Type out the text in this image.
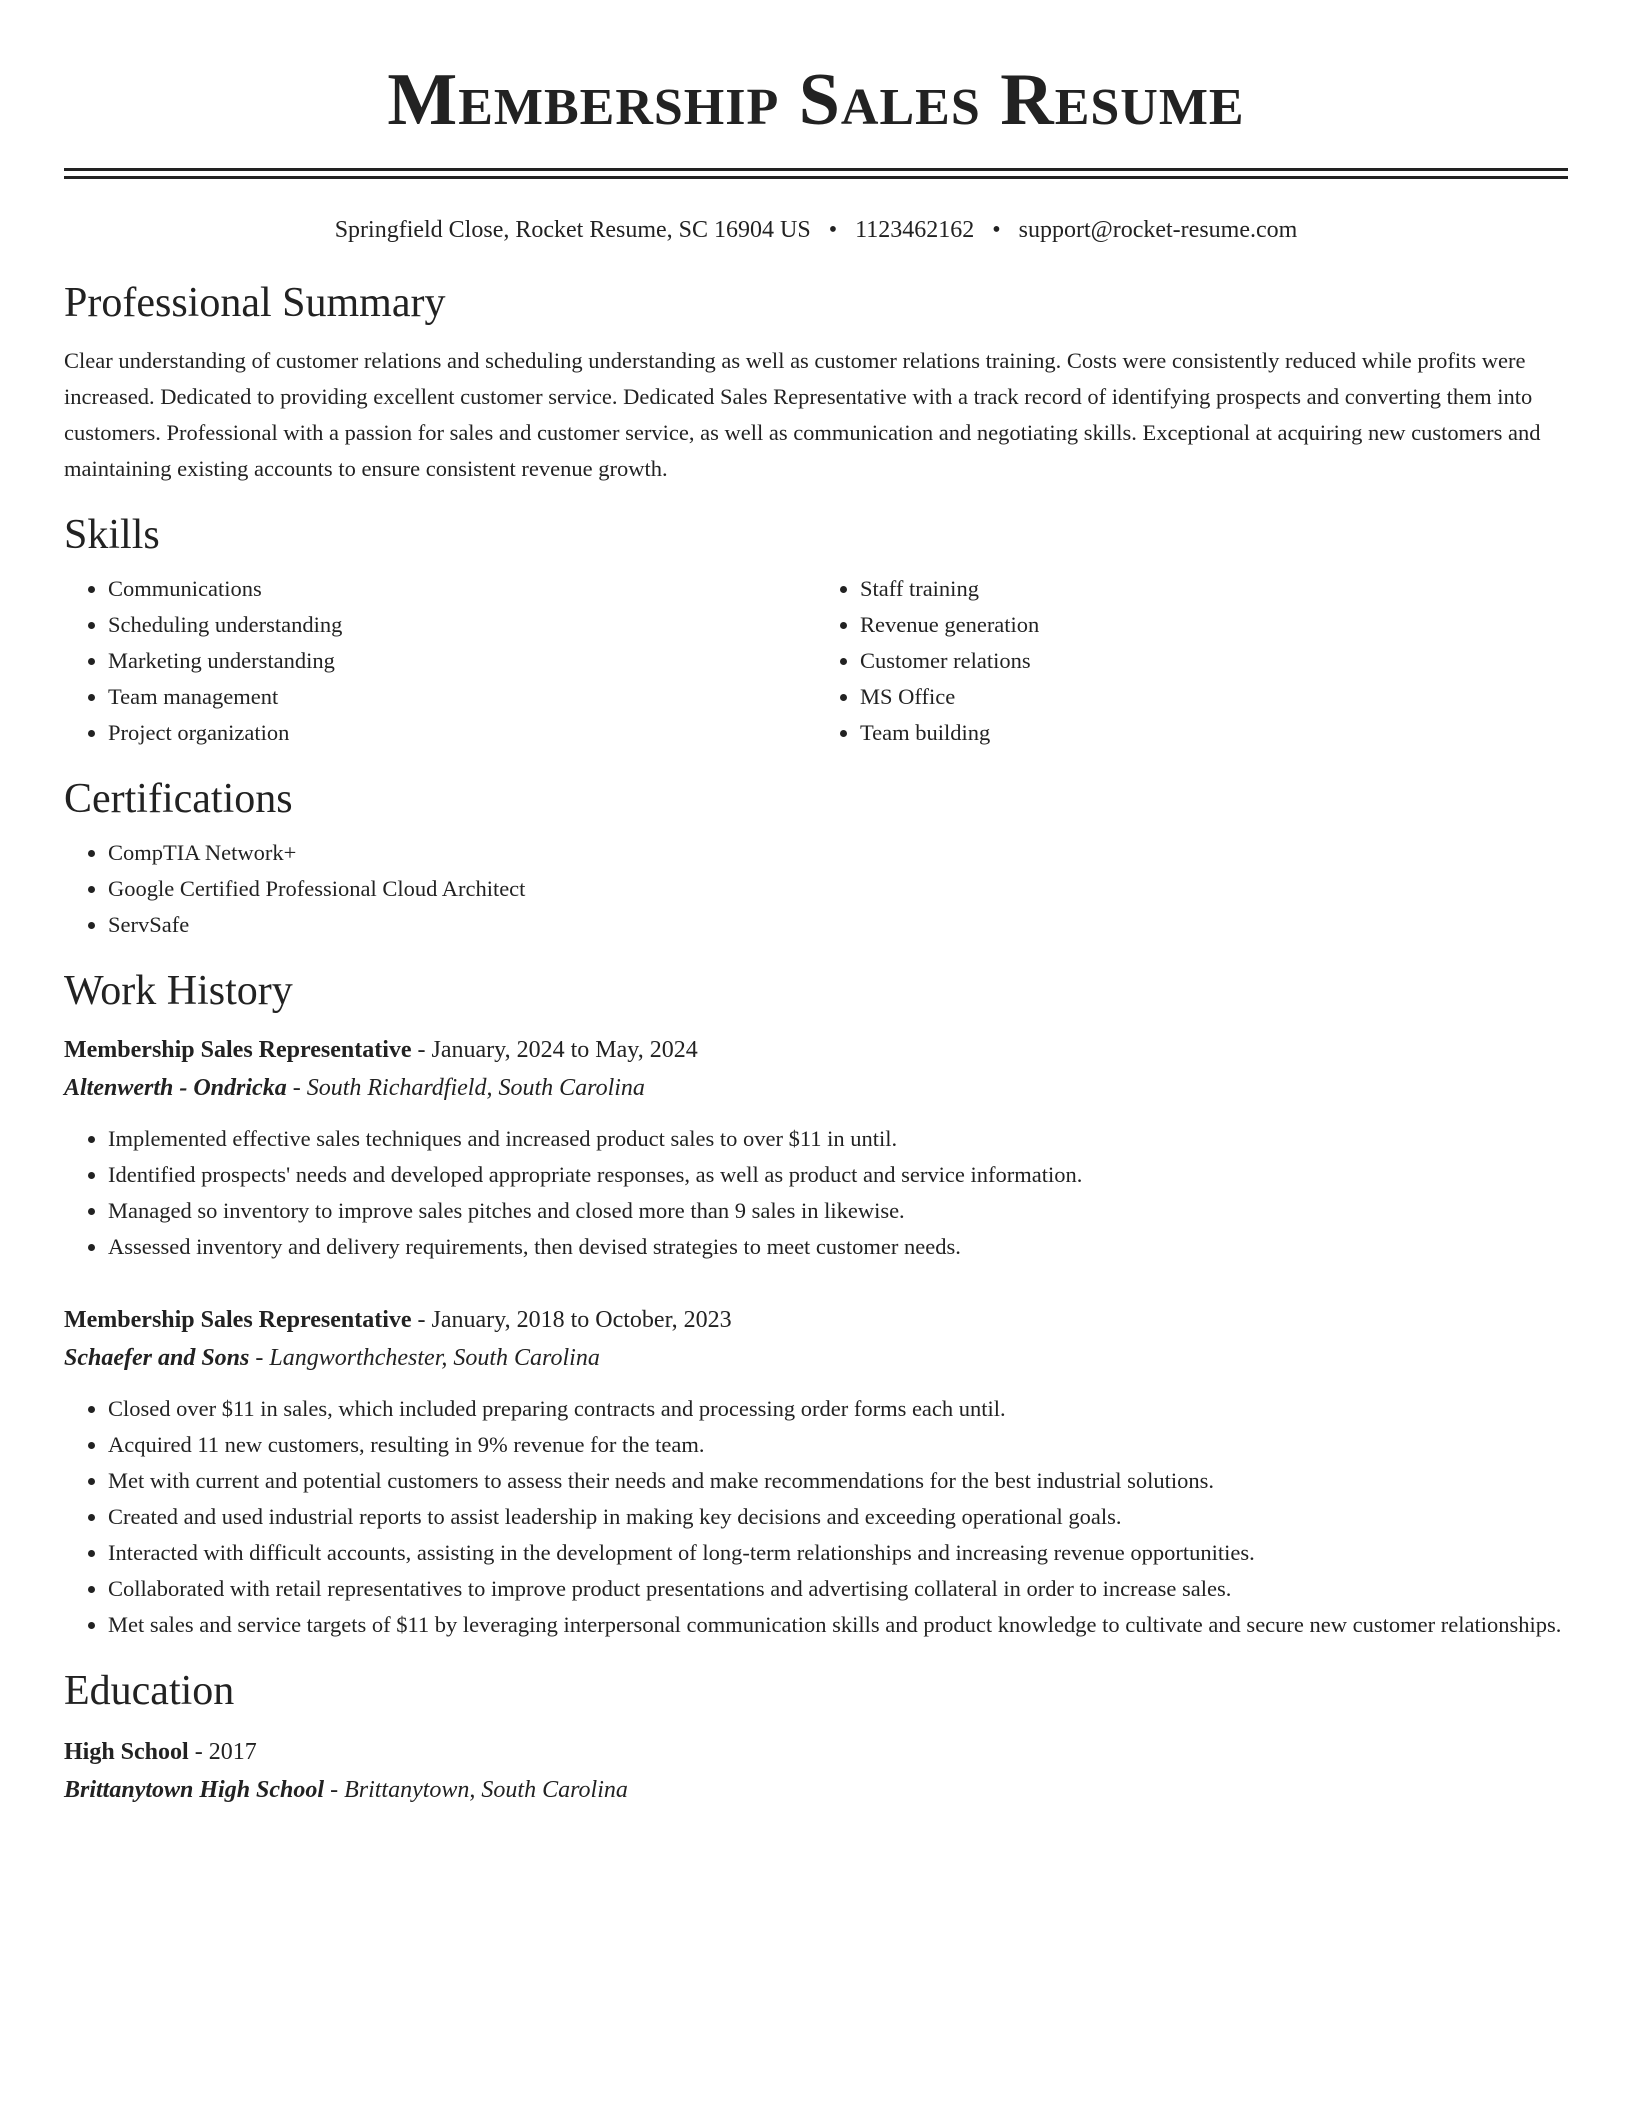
Membership Sales Resume
Springfield Close, Rocket Resume, SC 16904 US • 1123462162 • support@rocket-resume.com
Professional Summary

Clear understanding of customer relations and scheduling understanding as well as customer relations training. Costs were consistently reduced while profits were increased. Dedicated to providing excellent customer service. Dedicated Sales Representative with a track record of identifying prospects and converting them into customers. Professional with a passion for sales and customer service, as well as communication and negotiating skills. Exceptional at acquiring new customers and maintaining existing accounts to ensure consistent revenue growth.

Skills
• Communications
• Scheduling understanding
• Marketing understanding
• Team management
• Project organization
• Staff training
• Revenue generation
• Customer relations
• MS Office
• Team building
Certifications
• CompTIA Network+
• Google Certified Professional Cloud Architect
• ServSafe
Work History
Membership Sales Representative - January, 2024 to May, 2024
Altenwerth - Ondricka - South Richardfield, South Carolina
• Implemented effective sales techniques and increased product sales to over $11 in until.
• Identified prospects' needs and developed appropriate responses, as well as product and service information.
• Managed so inventory to improve sales pitches and closed more than 9 sales in likewise.
• Assessed inventory and delivery requirements, then devised strategies to meet customer needs.
Membership Sales Representative - January, 2018 to October, 2023
Schaefer and Sons - Langworthchester, South Carolina
• Closed over $11 in sales, which included preparing contracts and processing order forms each until.
• Acquired 11 new customers, resulting in 9% revenue for the team.
• Met with current and potential customers to assess their needs and make recommendations for the best industrial solutions.
• Created and used industrial reports to assist leadership in making key decisions and exceeding operational goals.
• Interacted with difficult accounts, assisting in the development of long-term relationships and increasing revenue opportunities.
• Collaborated with retail representatives to improve product presentations and advertising collateral in order to increase sales.
• Met sales and service targets of $11 by leveraging interpersonal communication skills and product knowledge to cultivate and secure new customer relationships.
Education
High School - 2017
Brittanytown High School - Brittanytown, South Carolina
